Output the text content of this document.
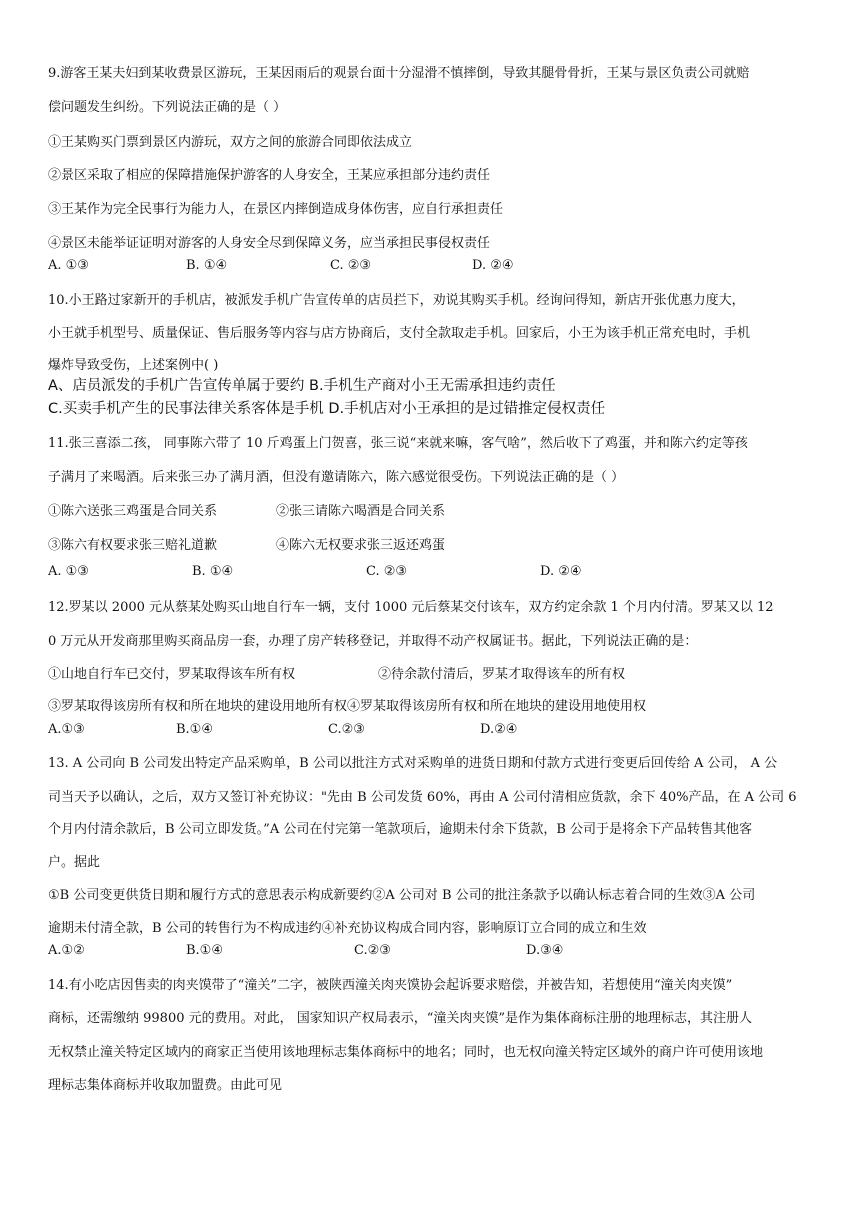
9.游客王某夫妇到某收费景区游玩，王某因雨后的观景台面十分湿滑不慎摔倒，导致其腿骨骨折，王某与景区负责公司就赔
偿问题发生纠纷。下列说法正确的是（ ）
①王某购买门票到景区内游玩，双方之间的旅游合同即依法成立
②景区采取了相应的保障措施保护游客的人身安全，王某应承担部分违约责任
③王某作为完全民事行为能力人，在景区内摔倒造成身体伤害，应自行承担责任
④景区未能举证证明对游客的人身安全尽到保障义务，应当承担民事侵权责任
A. ①③	B. ①④	C. ②③	D. ②④
10.小王路过家新开的手机店，被派发手机广告宣传单的店员拦下，劝说其购买手机。经询问得知，新店开张优惠力度大，
小王就手机型号、质量保证、售后服务等内容与店方协商后，支付全款取走手机。回家后，小王为该手机正常充电时，手机
爆炸导致受伤，上述案例中( )
A、店员派发的手机广告宣传单属于要约 B.手机生产商对小王无需承担违约责任
C.买卖手机产生的民事法律关系客体是手机 D.手机店对小王承担的是过错推定侵权责任
11.张三喜添二孩， 同事陈六带了 10 斤鸡蛋上门贺喜，张三说“来就来嘛，客气啥”，然后收下了鸡蛋，并和陈六约定等孩
子满月了来喝酒。后来张三办了满月酒，但没有邀请陈六，陈六感觉很受伤。下列说法正确的是（ ）
①陈六送张三鸡蛋是合同关系	②张三请陈六喝酒是合同关系
③陈六有权要求张三赔礼道歉	④陈六无权要求张三返还鸡蛋
A. ①③	B. ①④	C. ②③	D. ②④
12.罗某以 2000 元从蔡某处购买山地自行车一辆，支付 1000 元后蔡某交付该车，双方约定余款 1 个月内付清。罗某又以 12
0 万元从开发商那里购买商品房一套，办理了房产转移登记，并取得不动产权属证书。据此，下列说法正确的是：
①山地自行车已交付，罗某取得该车所有权	②待余款付清后，罗某才取得该车的所有权
③罗某取得该房所有权和所在地块的建设用地所有权④罗某取得该房所有权和所在地块的建设用地使用权
A.①③	B.①④	C.②③	D.②④
13. A 公司向 B 公司发出特定产品采购单，B 公司以批注方式对采购单的进货日期和付款方式进行变更后回传给 A 公司， A 公
司当天予以确认，之后，双方又签订补充协议："先由 B 公司发货 60%，再由 A 公司付清相应货款，余下 40%产品，在 A 公司 6
个月内付清余款后，B 公司立即发货。”A 公司在付完第一笔款项后，逾期未付余下货款，B 公司于是将余下产品转售其他客
户。据此
①B 公司变更供货日期和履行方式的意思表示构成新要约②A 公司对 B 公司的批注条款予以确认标志着合同的生效③A 公司
逾期未付清全款，B 公司的转售行为不构成违约④补充协议构成合同内容，影响原订立合同的成立和生效
A.①②	B.①④	C.②③	D.③④
14.有小吃店因售卖的肉夹馍带了“潼关”二字，被陕西潼关肉夹馍协会起诉要求赔偿，并被告知，若想使用“潼关肉夹馍”
商标，还需缴纳 99800 元的费用。对此， 国家知识产权局表示，“潼关肉夹馍”是作为集体商标注册的地理标志，其注册人
无权禁止潼关特定区域内的商家正当使用该地理标志集体商标中的地名；同时，也无权向潼关特定区域外的商户许可使用该地
理标志集体商标并收取加盟费。由此可见
